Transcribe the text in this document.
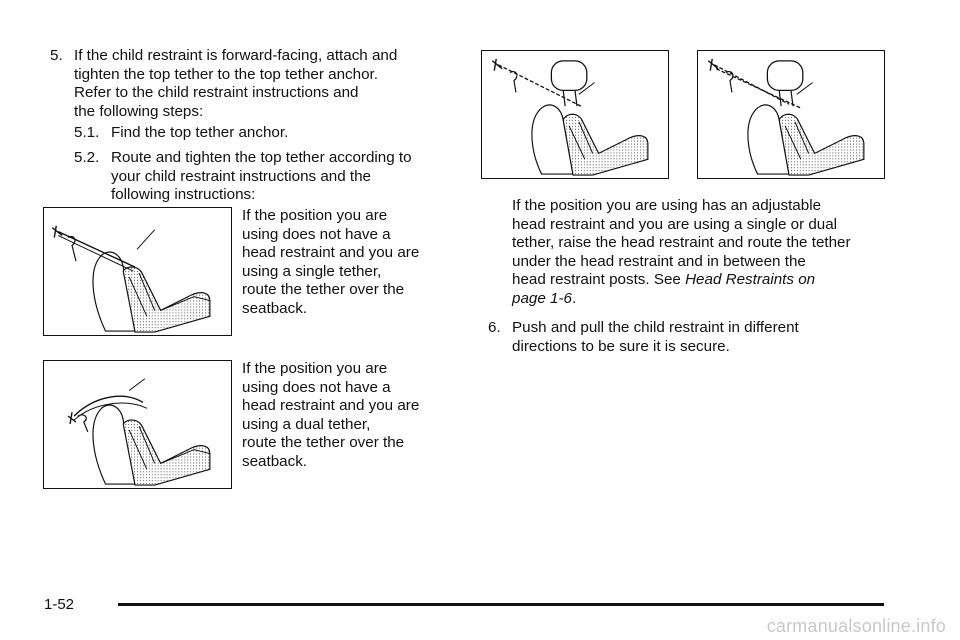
5. If the child restraint is forward-facing, attach and
tighten the top tether to the top tether anchor.
Refer to the child restraint instructions and
the following steps:
5.1. Find the top tether anchor.
5.2. Route and tighten the top tether according to
your child restraint instructions and the
following instructions:
If the position you are
using does not have a
head restraint and you are
using a single tether,
route the tether over the
seatback.
If the position you are
using does not have a
head restraint and you are
using a dual tether,
route the tether over the
seatback.
If the position you are using has an adjustable
head restraint and you are using a single or dual
tether, raise the head restraint and route the tether
under the head restraint and in between the
head restraint posts. See Head Restraints on
page 1-6.
6. Push and pull the child restraint in different
directions to be sure it is secure.
1-52
carmanualsonline.info
